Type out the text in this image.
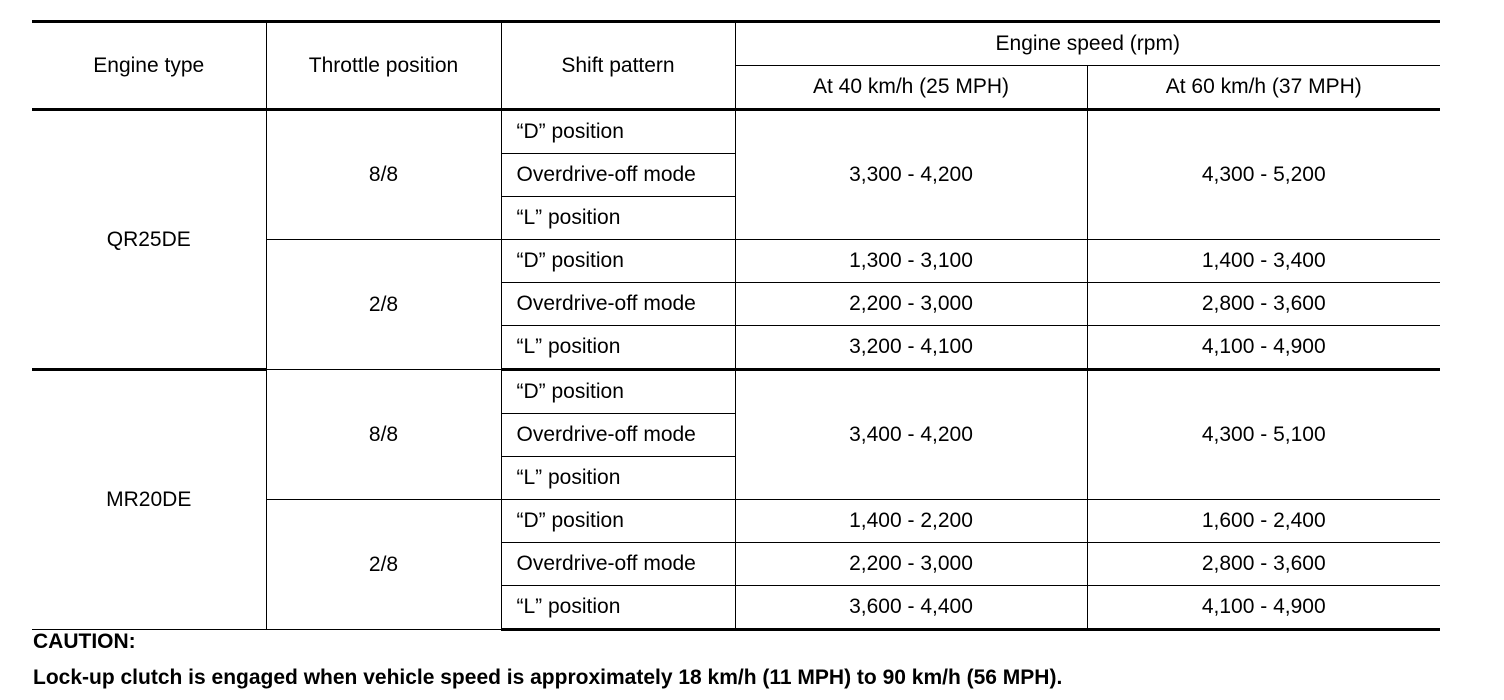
Engine type	Throttle position	Shift pattern	Engine speed (rpm)	
			At 40 km/h (25 MPH)	At 60 km/h (37 MPH)
QR25DE	8/8	“D” position	3,300 - 4,200	4,300 - 5,200
		Overdrive-off mode		
		“L” position		
	2/8	“D” position	1,300 - 3,100	1,400 - 3,400
		Overdrive-off mode	2,200 - 3,000	2,800 - 3,600
		“L” position	3,200 - 4,100	4,100 - 4,900
MR20DE	8/8	“D” position	3,400 - 4,200	4,300 - 5,100
		Overdrive-off mode		
		“L” position		
	2/8	“D” position	1,400 - 2,200	1,600 - 2,400
		Overdrive-off mode	2,200 - 3,000	2,800 - 3,600
		“L” position	3,600 - 4,400	4,100 - 4,900
CAUTION:
Lock-up clutch is engaged when vehicle speed is approximately 18 km/h (11 MPH) to 90 km/h (56 MPH).
